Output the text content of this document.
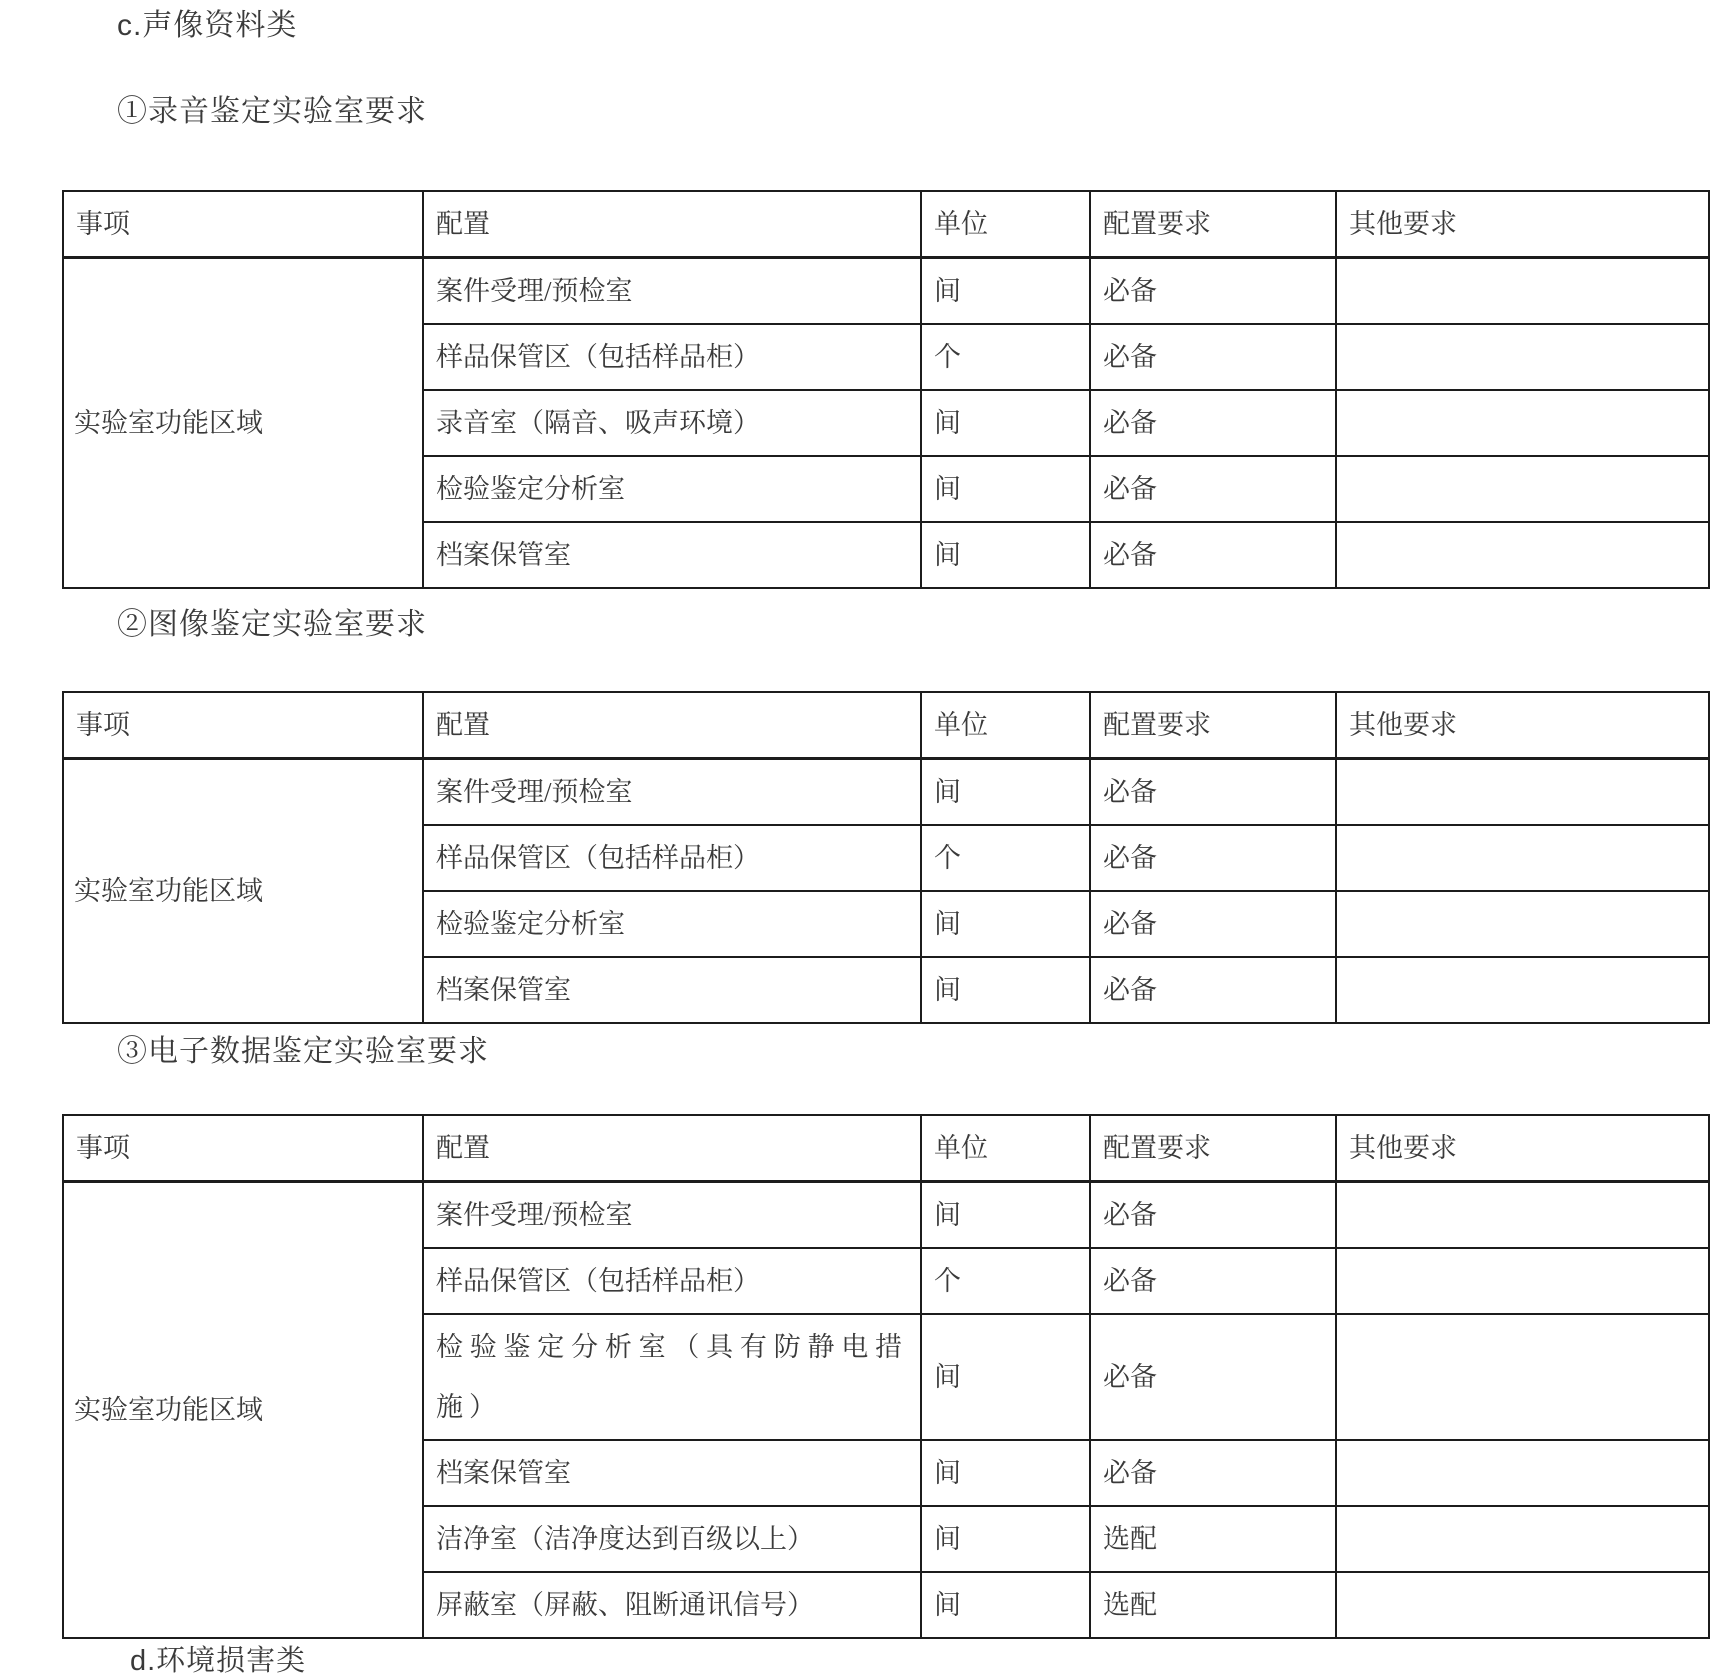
c.声像资料类
①录音鉴定实验室要求
事项	配置	单位	配置要求	其他要求
实验室功能区域	案件受理/预检室	间	必备	
	样品保管区（包括样品柜）	个	必备	
	录音室（隔音、吸声环境）	间	必备	
	检验鉴定分析室	间	必备	
	档案保管室	间	必备	
②图像鉴定实验室要求
事项	配置	单位	配置要求	其他要求
实验室功能区域	案件受理/预检室	间	必备	
	样品保管区（包括样品柜）	个	必备	
	检验鉴定分析室	间	必备	
	档案保管室	间	必备	
③电子数据鉴定实验室要求
事项	配置	单位	配置要求	其他要求
实验室功能区域	案件受理/预检室	间	必备	
	样品保管区（包括样品柜）	个	必备	
	检验鉴定分析室（具有防静电措施）	间	必备	
	档案保管室	间	必备	
	洁净室（洁净度达到百级以上）	间	选配	
	屏蔽室（屏蔽、阻断通讯信号）	间	选配	
d.环境损害类
